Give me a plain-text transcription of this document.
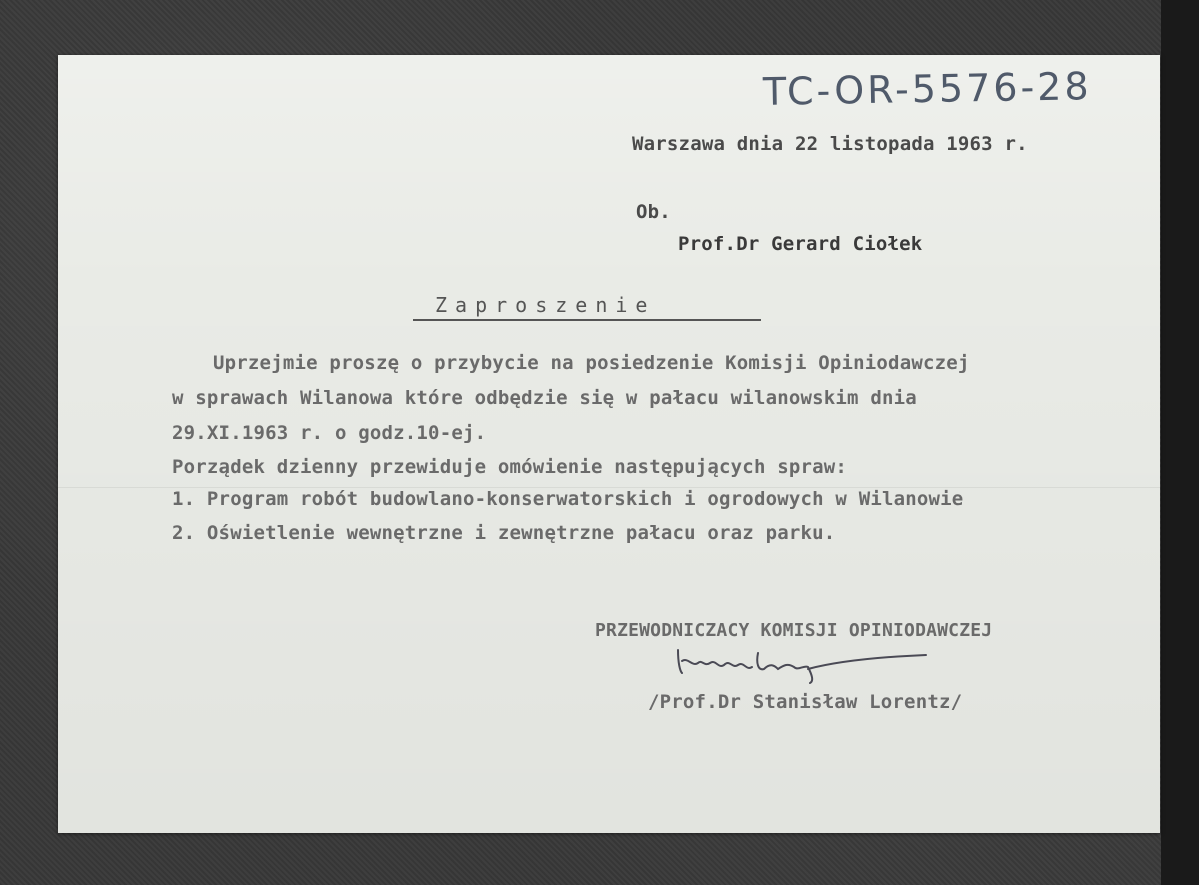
TC-OR-5576-28
Warszawa dnia 22 listopada 1963 r.
Ob.
Prof.Dr Gerard Ciołek
Zaproszenie
Uprzejmie proszę o przybycie na posiedzenie Komisji Opiniodawczej
w sprawach Wilanowa które odbędzie się w pałacu wilanowskim dnia
29.XI.1963 r. o godz.10-ej.
Porządek dzienny przewiduje omówienie następujących spraw:
1. Program robót budowlano-konserwatorskich i ogrodowych w Wilanowie
2. Oświetlenie wewnętrzne i zewnętrzne pałacu oraz parku.
PRZEWODNICZACY KOMISJI OPINIODAWCZEJ
/Prof.Dr Stanisław Lorentz/
